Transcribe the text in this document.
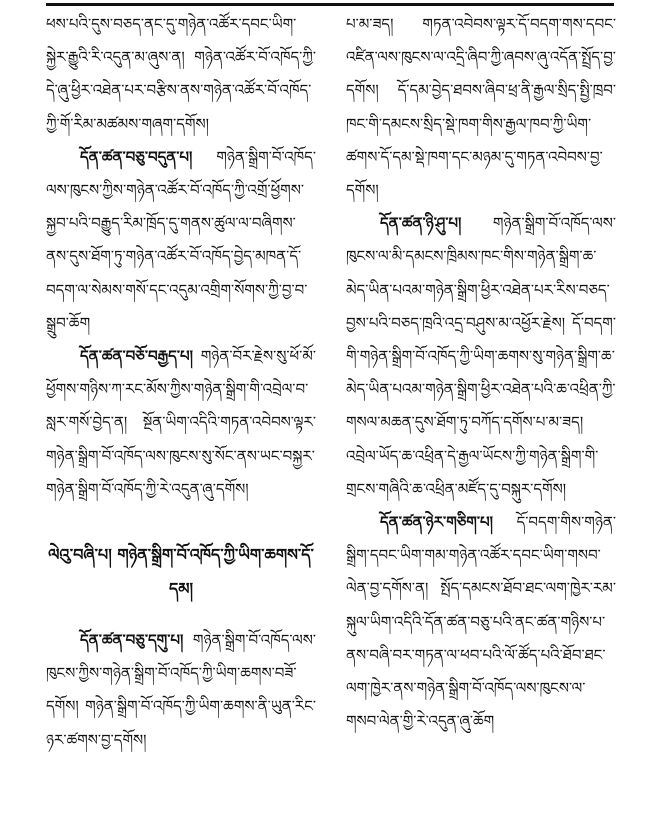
ཕས་པའི་དུས་བཅད་ནང་དུ་གཉེན་འཚོར་དབང་ཡིག་སྐྱེར་རྒྱུའི་རི་འདུན་མ་ཞུས་ན། གཉེན་འཚོར་བོ་འཁོད་ཀྱི་དེ་ཞུ་ཕྱིར་འཐེན་པར་བརྩིས་ནས་གཉེན་འཚོར་བོ་འཁོད་ཀྱི་གོ་རིམ་མཚམས་གཞག་དགོས།

དོན་ཚན་བཅུ་བདུན་པ། གཉེན་སྒྲིག་བོ་འཁོད་ལས་ཁུངས་ཀྱིས་གཉེན་འཚོར་བོ་འཁོད་ཀྱི་འགྲོ་ཕྱོགས་སྐྱབ་པའི་བརྒྱུད་རིམ་ཁྲོད་དུ་གནས་ཚུལ་ལ་བཞིགས་ནས་དུས་ཐོག་ཏུ་གཉེན་འཚོར་བོ་འཁོད་བྱེད་མཁན་དོ་བདག་ལ་སེམས་གསོ་དང་འདུམ་འགྲིག་སོགས་ཀྱི་བྱ་བ་སྒྲུབ་ཆོག

དོན་ཚན་བཅོ་བརྒྱད་པ། གཉེན་བོར་རྗེས་སུ་ཕོ་མོ་ཕྱོགས་གཉིས་ཀ་རང་མོས་ཀྱིས་གཉེན་སྒྲིག་གི་འབྲེལ་བ་སླར་གསོ་བྱེད་ན། སྔོན་ཡིག་འདིའི་གཏན་འབེབས་ལྟར་གཉེན་སྒྲིག་བོ་འཁོད་ལས་ཁུངས་སུ་སོང་ནས་ཡང་བསྐྱར་གཉེན་སྒྲིག་བོ་འཁོད་ཀྱི་རེ་འདུན་ཞུ་དགོས།

ལེའུ་བཞི་པ། གཉེན་སྒྲིག་བོ་འཁོད་ཀྱི་ཡིག་ཆགས་དོ་དམ།

དོན་ཚན་བཅུ་དགུ་པ། གཉེན་སྒྲིག་བོ་འཁོད་ལས་ཁུངས་ཀྱིས་གཉེན་སྒྲིག་བོ་འཁོད་ཀྱི་ཡིག་ཆགས་བཟོ་དགོས། གཉེན་སྒྲིག་བོ་འཁོད་ཀྱི་ཡིག་ཆགས་ནི་ཡུན་རིང་ཉར་ཚགས་བྱ་དགོས།

པ་མ་ཟད། གཏན་འབེབས་ལྟར་དོ་བདག་གས་དབང་འཛིན་ལས་ཁུངས་ལ་འདྲི་ཞིབ་ཀྱི་ཞབས་ཞུ་འདོན་སྤྲོད་བྱ་དགོས། དོ་དམ་བྱེད་ཐབས་ཞིབ་ཕྲ་ནི་རྒྱལ་སྲིད་སྤྱི་ཁྲབ་ཁང་གི་དམངས་སྲིད་སྡེ་ཁག་གིས་རྒྱལ་ཁབ་ཀྱི་ཡིག་ཚགས་དོ་དམ་སྡེ་ཁག་དང་མཉམ་དུ་གཏན་འབེབས་བྱ་དགོས།

དོན་ཚན་ཉི་ཤུ་པ། གཉེན་སྒྲིག་བོ་འཁོད་ལས་ཁུངས་ལ་མི་དམངས་ཁྲིམས་ཁང་གིས་གཉེན་སྒྲིག་ཆ་མེད་ཡིན་པའམ་གཉེན་སྒྲིག་ཕྱིར་འཐེན་པར་རིས་བཅད་བྱས་པའི་བཅད་ཁྲའི་འདྲ་བཤུས་མ་འཕྱོར་རྗེས། དོ་བདག་གི་གཉེན་སྒྲིག་བོ་འཁོད་ཀྱི་ཡིག་ཆགས་སུ་གཉེན་སྒྲིག་ཆ་མེད་ཡིན་པའམ་གཉེན་སྒྲིག་ཕྱིར་འཐེན་པའི་ཆ་འཕྲིན་ཀྱི་གསལ་མཆན་དུས་ཐོག་ཏུ་བཀོད་དགོས་པ་མ་ཟད། འབྲེལ་ཡོད་ཆ་འཕྲིན་དེ་རྒྱལ་ཡོངས་ཀྱི་གཉེན་སྒྲིག་གི་གྲངས་གཞིའི་ཆ་འཕྲིན་མཛོད་དུ་བསྐུར་དགོས།

དོན་ཚན་ཉེར་གཅིག་པ། དོ་བདག་གིས་གཉེན་སྒྲིག་དབང་ཡིག་གམ་གཉེན་འཚོར་དབང་ཡིག་གསབ་ལེན་བྱ་དགོས་ན། སྤོད་དམངས་ཐོབ་ཐང་ལག་ཁྱེར་རམ་སྐུལ་ཡིག་འདིའི་དོན་ཚན་བཅུ་པའི་ནང་ཚན་གཉིས་པ་ནས་བཞི་བར་གཏན་ལ་ཕབ་པའི་ལོ་ཚོད་པའི་ཐོབ་ཐང་ལག་ཁྱེར་ནས་གཉེན་སྒྲིག་བོ་འཁོད་ལས་ཁུངས་ལ་གསབ་ལེན་གྱི་རེ་འདུན་ཞུ་ཆོག
